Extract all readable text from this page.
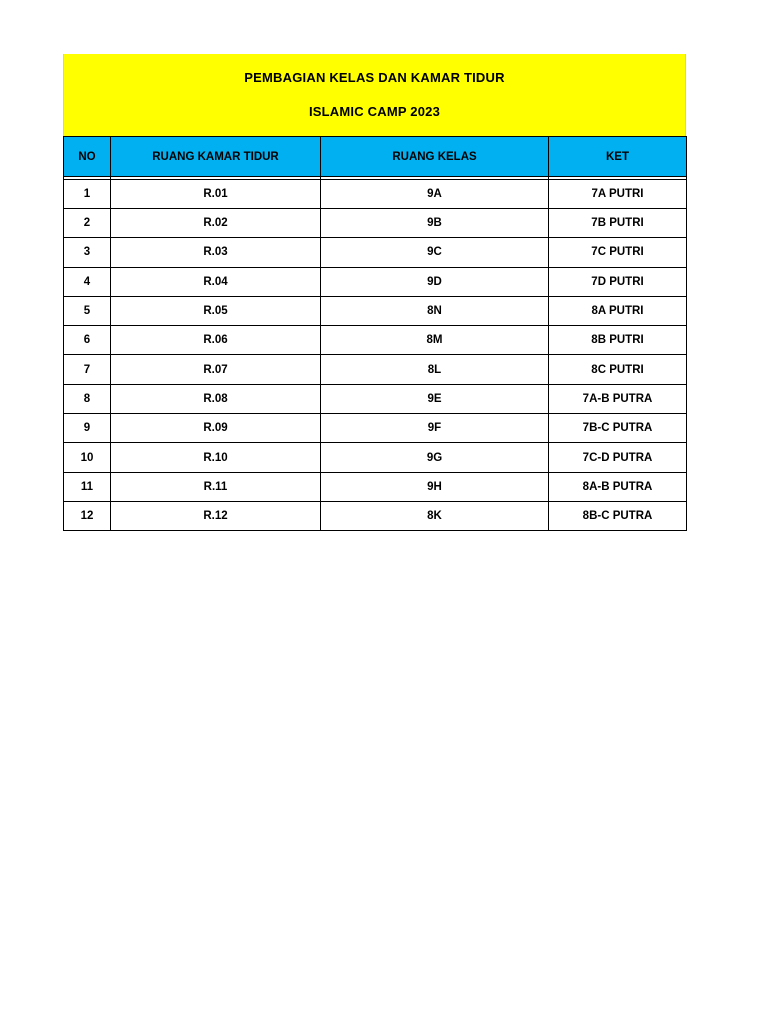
PEMBAGIAN KELAS DAN KAMAR TIDUR
ISLAMIC CAMP 2023
NO	RUANG KAMAR TIDUR	RUANG KELAS	KET

1	R.01	9A	7A PUTRI
2	R.02	9B	7B PUTRI
3	R.03	9C	7C PUTRI
4	R.04	9D	7D PUTRI
5	R.05	8N	8A PUTRI
6	R.06	8M	8B PUTRI
7	R.07	8L	8C PUTRI
8	R.08	9E	7A-B PUTRA
9	R.09	9F	7B-C PUTRA
10	R.10	9G	7C-D PUTRA
11	R.11	9H	8A-B PUTRA
12	R.12	8K	8B-C PUTRA
